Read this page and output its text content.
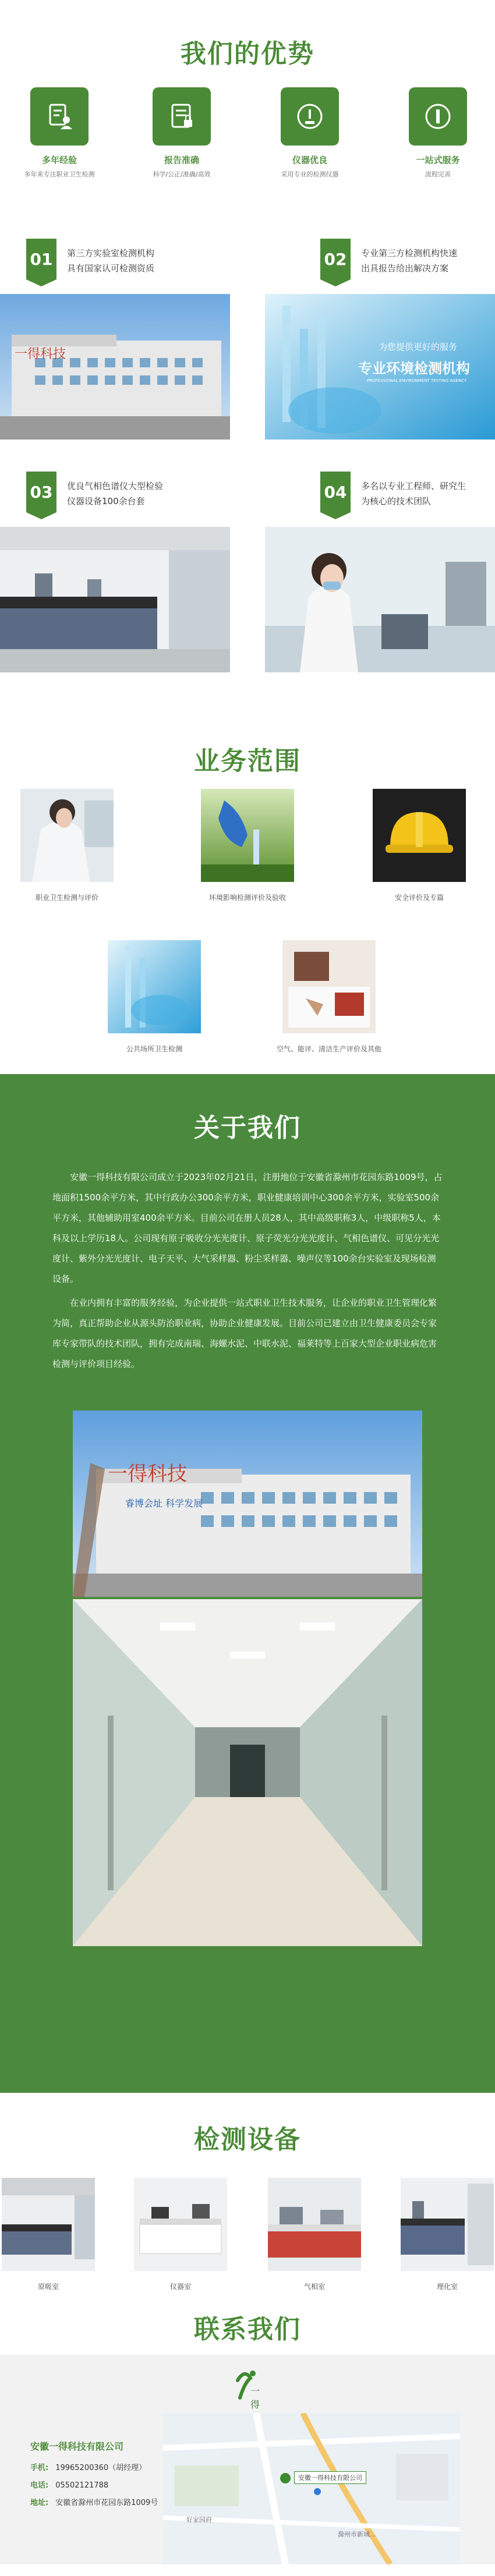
我们的优势
多年经验
多年来专注职业卫生检测
报告准确
科学/公正/准确/高效
仪器优良
采用专业的检测仪器
一站式服务
流程完善
01	第三方实验室检测机构
具有国家认可检测资质	02	专业第三方检测机构快速
出具报告给出解决方案
一得科技	为您提供更好的服务
专业环境检测机构
PROFESSIONAL ENVIRONMENT TESTING AGENCY
03	优良气相色谱仪大型检验
仪器设备100余台套	04	多名以专业工程师、研究生
为核心的技术团队
业务范围
职业卫生检测与评价	环境影响检测评价及验收	安全评价及专篇
公共场所卫生检测	空气、能评、清洁生产评价及其他
关于我们

安徽一得科技有限公司成立于2023年02月21日，注册地位于安徽省滁州市花园东路1009号，占地面积1500余平方米，其中行政办公300余平方米，职业健康培训中心300余平方米，实验室500余平方米，其他辅助用室400余平方米。目前公司在册人员28人，其中高级职称3人，中级职称5人，本科及以上学历18人。公司现有原子吸收分光光度计、原子荧光分光光度计、气相色谱仪、可见分光光度计、紫外分光光度计、电子天平、大气采样器、粉尘采样器、噪声仪等100余台实验室及现场检测设备。

在业内拥有丰富的服务经验，为企业提供一站式职业卫生技术服务，让企业的职业卫生管理化繁为简，真正帮助企业从源头防治职业病，协助企业健康发展。目前公司已建立由卫生健康委员会专家库专家带队的技术团队，拥有完成南瑞、海螺水泥、中联水泥、福莱特等上百家大型企业职业病危害检测与评价项目经验。

一得科技
睿博会址 科学发展
检测设备
原吸室	仪器室	气相室	理化室
联系我们
一得
安徽一得科技有限公司
手机: 19965200360（胡经理）
电话: 05502121788
地址: 安徽省滁州市花园东路1009号
安徽一得科技有限公司
好家园府
滁州市新城...
